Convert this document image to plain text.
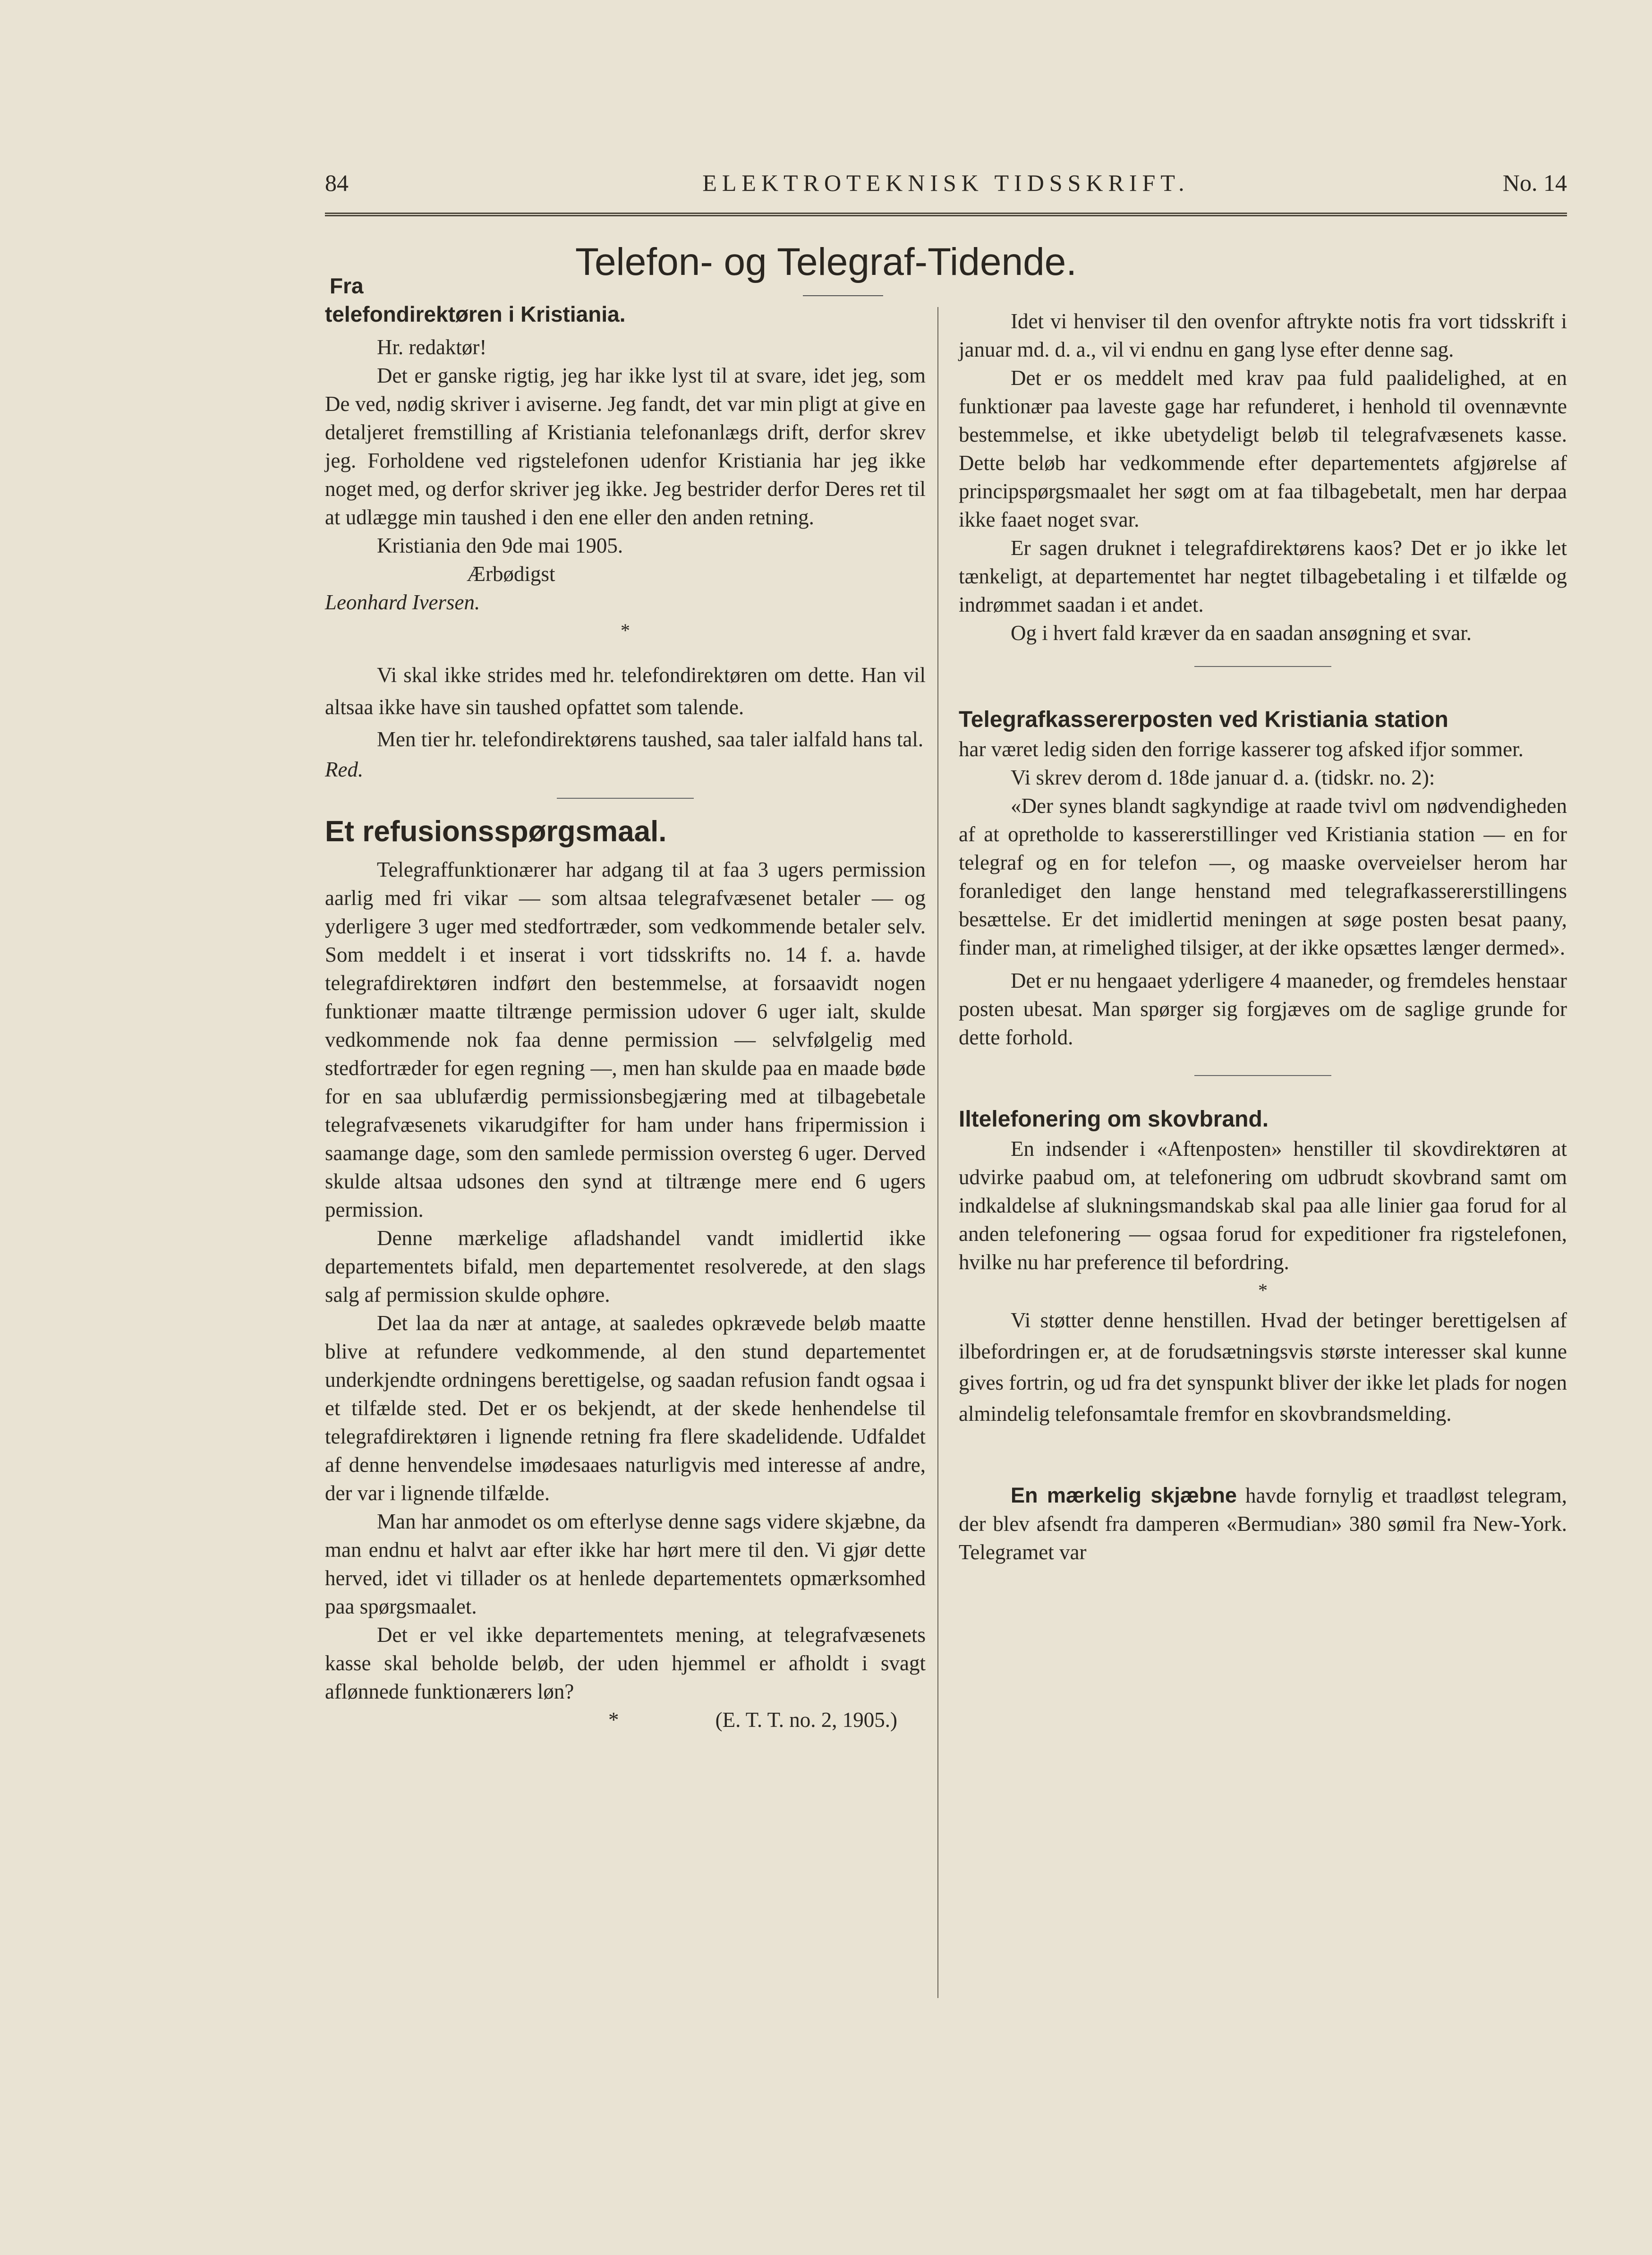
84	ELEKTROTEKNISK TIDSSKRIFT.	No. 14
Telefon- og Telegraf-Tidende.
Fra
telefondirektøren i Kristiania.

Hr. redaktør!

Det er ganske rigtig, jeg har ikke lyst til at svare, idet jeg, som De ved, nødig skriver i aviserne. Jeg fandt, det var min pligt at give en detaljeret fremstilling af Kristiania telefonanlægs drift, derfor skrev jeg. Forholdene ved rigstelefonen udenfor Kristiania har jeg ikke noget med, og derfor skriver jeg ikke. Jeg bestrider derfor Deres ret til at udlægge min taushed i den ene eller den anden retning.

Kristiania den 9de mai 1905.

Ærbødigst

Leonhard Iversen.

*

Vi skal ikke strides med hr. telefondirektøren om dette. Han vil altsaa ikke have sin taushed opfattet som talende.

Men tier hr. telefondirektørens taushed, saa taler ialfald hans tal.

Red.

Et refusionsspørgsmaal.

Telegraffunktionærer har adgang til at faa 3 ugers permission aarlig med fri vikar — som altsaa telegrafvæsenet betaler — og yderligere 3 uger med stedfortræder, som vedkommende betaler selv. Som meddelt i et inserat i vort tidsskrifts no. 14 f. a. havde telegrafdirektøren indført den bestemmelse, at forsaavidt nogen funktionær maatte tiltrænge permission udover 6 uger ialt, skulde vedkommende nok faa denne permission — selvfølgelig med stedfortræder for egen regning —, men han skulde paa en maade bøde for en saa ublufærdig permissionsbegjæring med at tilbagebetale telegrafvæsenets vikarudgifter for ham under hans fripermission i saamange dage, som den samlede permission oversteg 6 uger. Derved skulde altsaa udsones den synd at tiltrænge mere end 6 ugers permission.

Denne mærkelige afladshandel vandt imidlertid ikke departementets bifald, men departementet resolverede, at den slags salg af permission skulde ophøre.

Det laa da nær at antage, at saaledes opkrævede beløb maatte blive at refundere vedkommende, al den stund departementet underkjendte ordningens berettigelse, og saadan refusion fandt ogsaa i et tilfælde sted. Det er os bekjendt, at der skede henhendelse til telegrafdirektøren i lignende retning fra flere skadelidende. Udfaldet af denne henvendelse imødesaaes naturligvis med interesse af andre, der var i lignende tilfælde.

Man har anmodet os om efterlyse denne sags videre skjæbne, da man endnu et halvt aar efter ikke har hørt mere til den. Vi gjør dette herved, idet vi tillader os at henlede departementets opmærksomhed paa spørgsmaalet.

Det er vel ikke departementets mening, at telegrafvæsenets kasse skal beholde beløb, der uden hjemmel er afholdt i svagt aflønnede funktionærers løn?

*	(E. T. T. no. 2, 1905.)

Idet vi henviser til den ovenfor aftrykte notis fra vort tidsskrift i januar md. d. a., vil vi endnu en gang lyse efter denne sag.

Det er os meddelt med krav paa fuld paalidelighed, at en funktionær paa laveste gage har refunderet, i henhold til ovennævnte bestemmelse, et ikke ubetydeligt beløb til telegrafvæsenets kasse. Dette beløb har vedkommende efter departementets afgjørelse af principspørgsmaalet her søgt om at faa tilbagebetalt, men har derpaa ikke faaet noget svar.

Er sagen druknet i telegrafdirektørens kaos? Det er jo ikke let tænkeligt, at departementet har negtet tilbagebetaling i et tilfælde og indrømmet saadan i et andet.

Og i hvert fald kræver da en saadan ansøgning et svar.

Telegrafkassererposten ved Kristiania station

har været ledig siden den forrige kasserer tog afsked ifjor sommer.

Vi skrev derom d. 18de januar d. a. (tidskr. no. 2):

«Der synes blandt sagkyndige at raade tvivl om nødvendigheden af at opretholde to kassererstillinger ved Kristiania station — en for telegraf og en for telefon —, og maaske overveielser herom har foranlediget den lange henstand med telegrafkassererstillingens besættelse. Er det imidlertid meningen at søge posten besat paany, finder man, at rimelighed tilsiger, at der ikke opsættes længer dermed».

Det er nu hengaaet yderligere 4 maaneder, og fremdeles henstaar posten ubesat. Man spørger sig forgjæves om de saglige grunde for dette forhold.

Iltelefonering om skovbrand.

En indsender i «Aftenposten» henstiller til skovdirektøren at udvirke paabud om, at telefonering om udbrudt skovbrand samt om indkaldelse af slukningsmandskab skal paa alle linier gaa forud for al anden telefonering — ogsaa forud for expeditioner fra rigstelefonen, hvilke nu har preference til befordring.

*

Vi støtter denne henstillen. Hvad der betinger berettigelsen af ilbefordringen er, at de forudsætningsvis største interesser skal kunne gives fortrin, og ud fra det synspunkt bliver der ikke let plads for nogen almindelig telefonsamtale fremfor en skovbrandsmelding.

En mærkelig skjæbne havde fornylig et traadløst telegram, der blev afsendt fra damperen «Bermudian» 380 sømil fra New-York. Telegramet var
